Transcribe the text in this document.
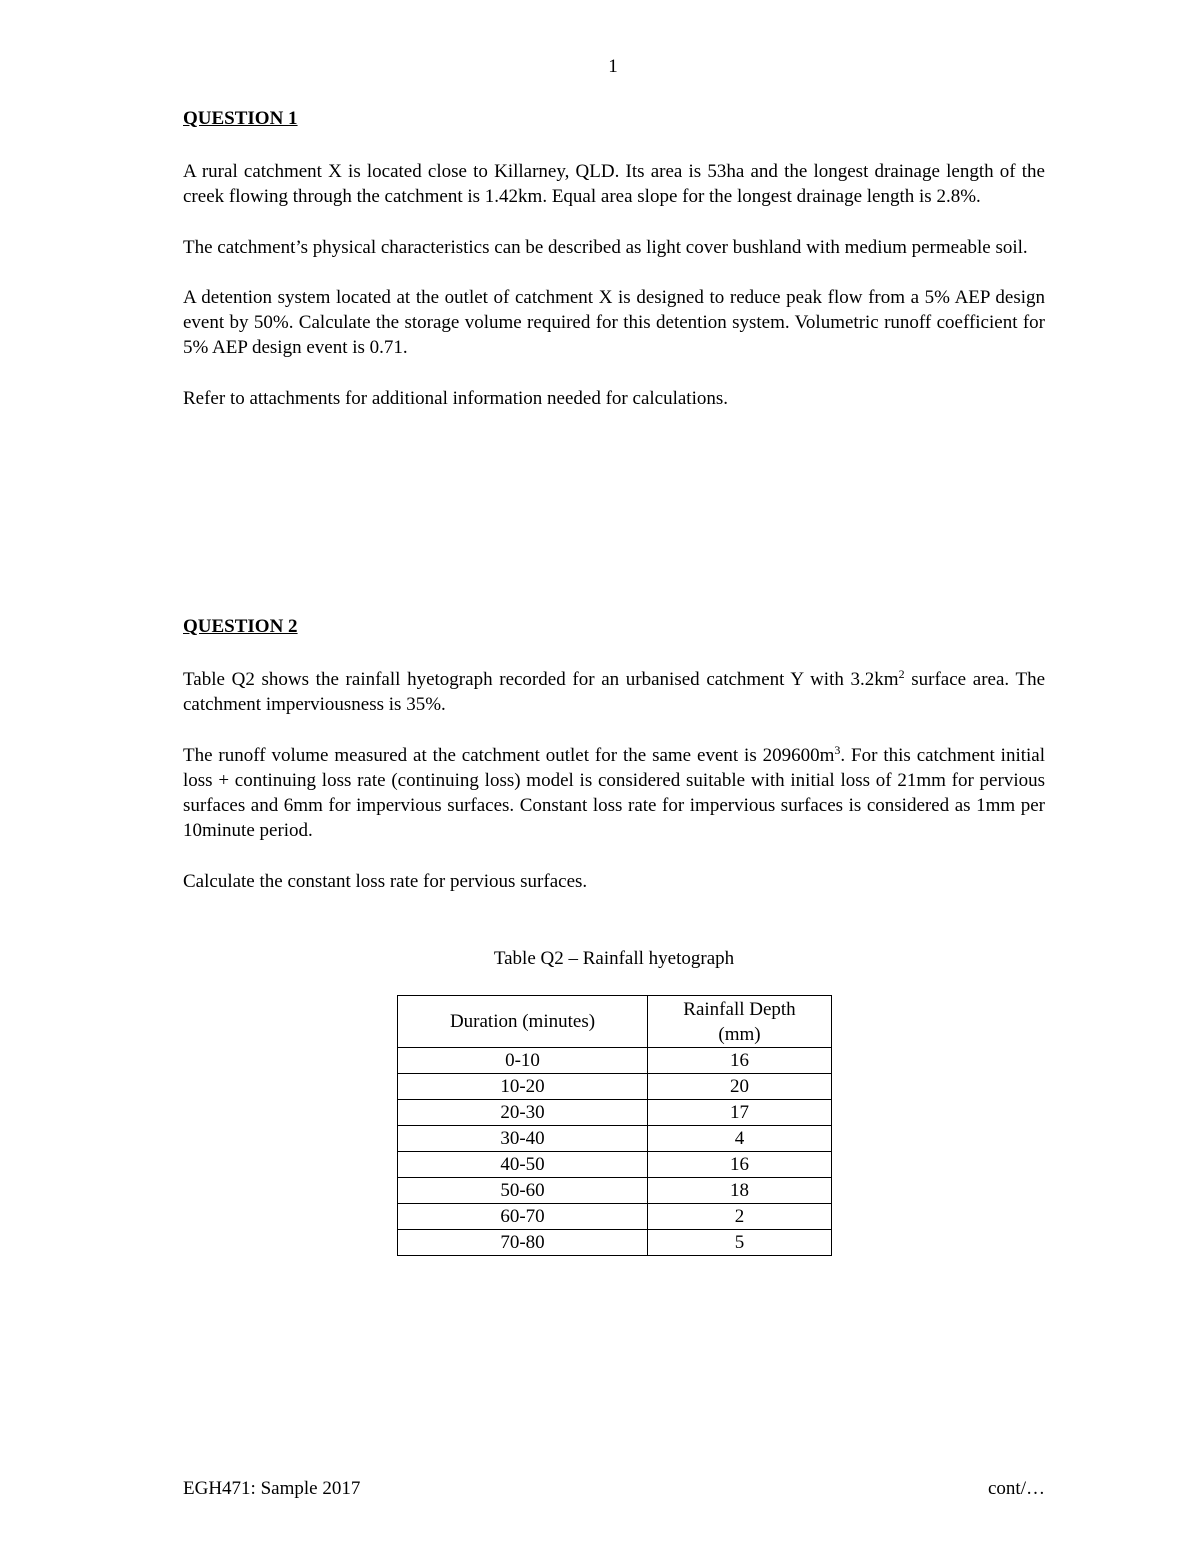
1

QUESTION 1

A rural catchment X is located close to Killarney, QLD. Its area is 53ha and the longest drainage length of the creek flowing through the catchment is 1.42km. Equal area slope for the longest drainage length is 2.8%.

The catchment’s physical characteristics can be described as light cover bushland with medium permeable soil.

A detention system located at the outlet of catchment X is designed to reduce peak flow from a 5% AEP design event by 50%. Calculate the storage volume required for this detention system. Volumetric runoff coefficient for 5% AEP design event is 0.71.

Refer to attachments for additional information needed for calculations.

QUESTION 2

Table Q2 shows the rainfall hyetograph recorded for an urbanised catchment Y with $3.2km^2$ surface area. The catchment imperviousness is 35%.

The runoff volume measured at the catchment outlet for the same event is $209600m^3$. For this catchment initial loss + continuing loss rate (continuing loss) model is considered suitable with initial loss of 21mm for pervious surfaces and 6mm for impervious surfaces. Constant loss rate for impervious surfaces is considered as 1mm per 10minute period.

Calculate the constant loss rate for pervious surfaces.

Table Q2 – Rainfall hyetograph
Duration (minutes)	Rainfall Depth
(mm)
0-10	16
10-20	20
20-30	17
30-40	4
40-50	16
50-60	18
60-70	2
70-80	5
EGH471: Sample 2017	cont/…
